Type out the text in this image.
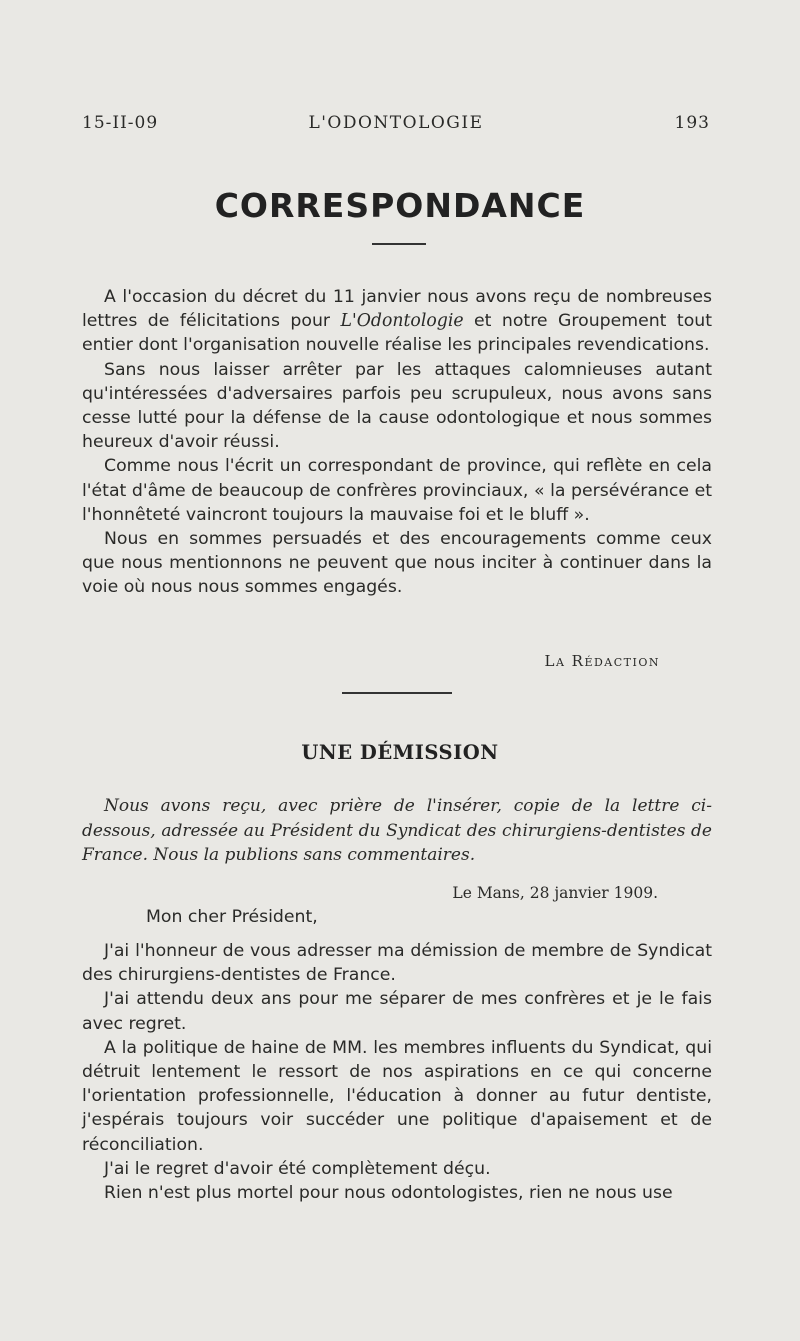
15-II-09	L'ODONTOLOGIE	193
CORRESPONDANCE

A l'occasion du décret du 11 janvier nous avons reçu de nombreuses lettres de félicitations pour L'Odontologie et notre Groupement tout entier dont l'organisation nouvelle réalise les principales revendications.

Sans nous laisser arrêter par les attaques calomnieuses autant qu'intéressées d'adversaires parfois peu scrupuleux, nous avons sans cesse lutté pour la défense de la cause odontologique et nous sommes heureux d'avoir réussi.

Comme nous l'écrit un correspondant de province, qui reflète en cela l'état d'âme de beaucoup de confrères provinciaux, « la persévérance et l'honnêteté vaincront toujours la mauvaise foi et le bluff ».

Nous en sommes persuadés et des encouragements comme ceux que nous mentionnons ne peuvent que nous inciter à continuer dans la voie où nous nous sommes engagés.

La Rédaction
UNE DÉMISSION

Nous avons reçu, avec prière de l'insérer, copie de la lettre ci-dessous, adressée au Président du Syndicat des chirurgiens-dentistes de France. Nous la publions sans commentaires.

Le Mans, 28 janvier 1909.
Mon cher Président,

J'ai l'honneur de vous adresser ma démission de membre de Syndicat des chirurgiens-dentistes de France.

J'ai attendu deux ans pour me séparer de mes confrères et je le fais avec regret.

A la politique de haine de MM. les membres influents du Syndicat, qui détruit lentement le ressort de nos aspirations en ce qui concerne l'orientation professionnelle, l'éducation à donner au futur dentiste, j'espérais toujours voir succéder une politique d'apaisement et de réconciliation.

J'ai le regret d'avoir été complètement déçu.

Rien n'est plus mortel pour nous odontologistes, rien ne nous use
